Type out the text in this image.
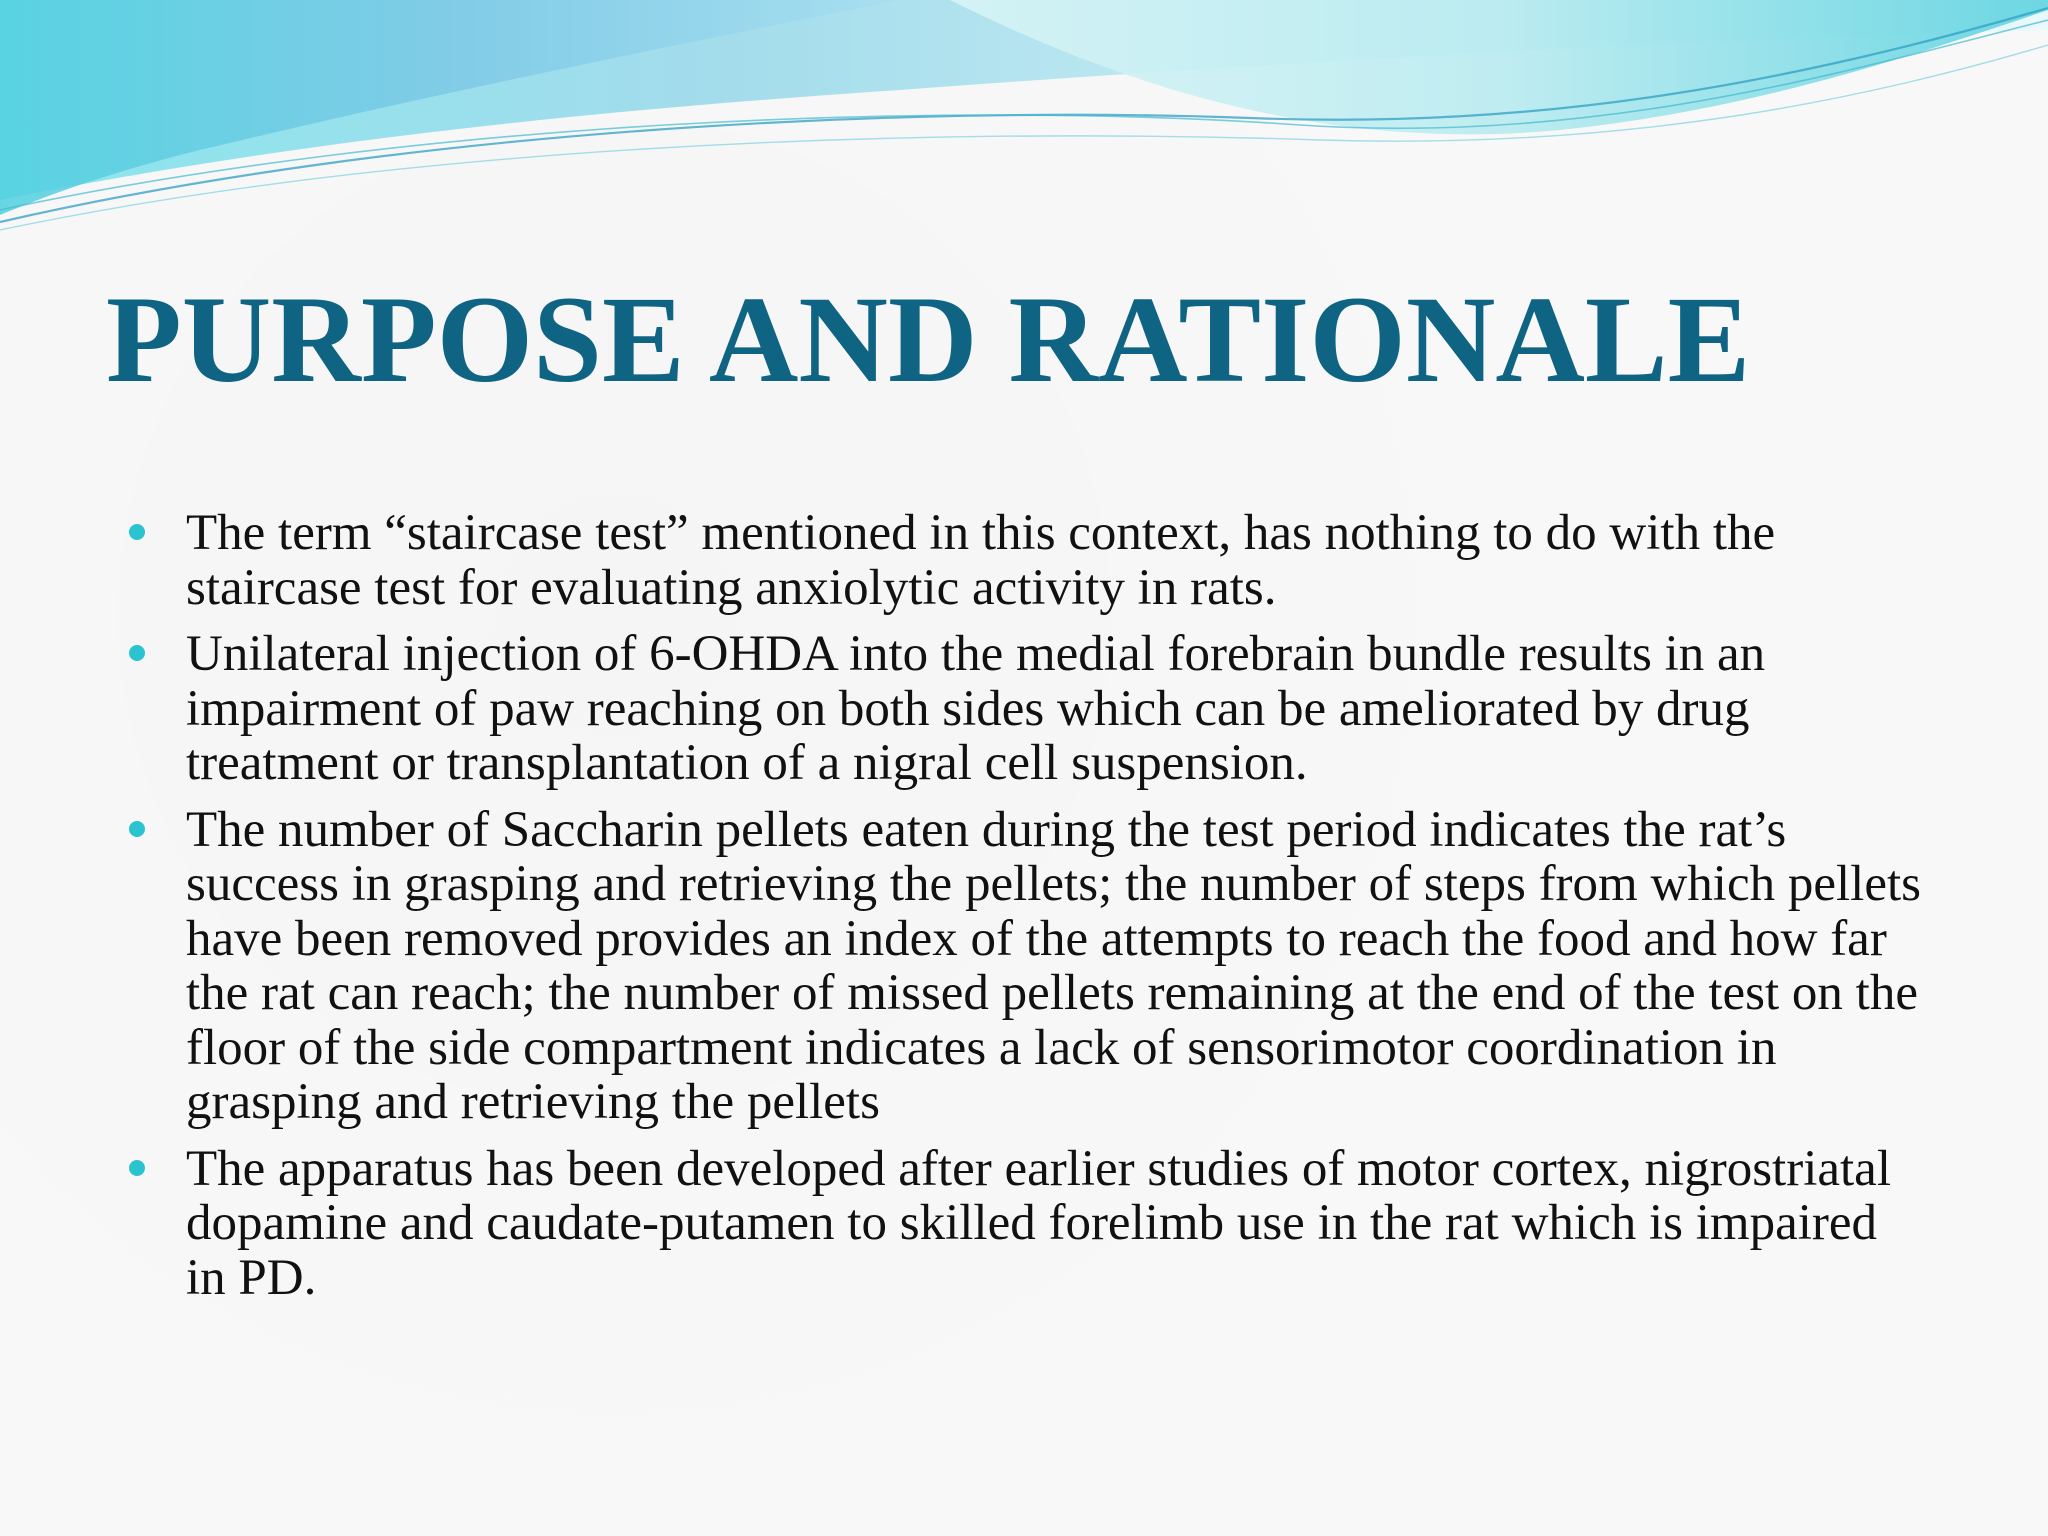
PURPOSE AND RATIONALE
The term “staircase test” mentioned in this context, has nothing to do with the staircase test for evaluating anxiolytic activity in rats.
Unilateral injection of 6-OHDA into the medial forebrain bundle results in an impairment of paw reaching on both sides which can be ameliorated by drug treatment or transplantation of a nigral cell suspension.
The number of Saccharin pellets eaten during the test period indicates the rat’s success in grasping and retrieving the pellets; the number of steps from which pellets have been removed provides an index of the attempts to reach the food and how far the rat can reach; the number of missed pellets remaining at the end of the test on the floor of the side compartment indicates a lack of sensorimotor coordination in grasping and retrieving the pellets
The apparatus has been developed after earlier studies of motor cortex, nigrostriatal dopamine and caudate-putamen to skilled forelimb use in the rat which is impaired in PD.
